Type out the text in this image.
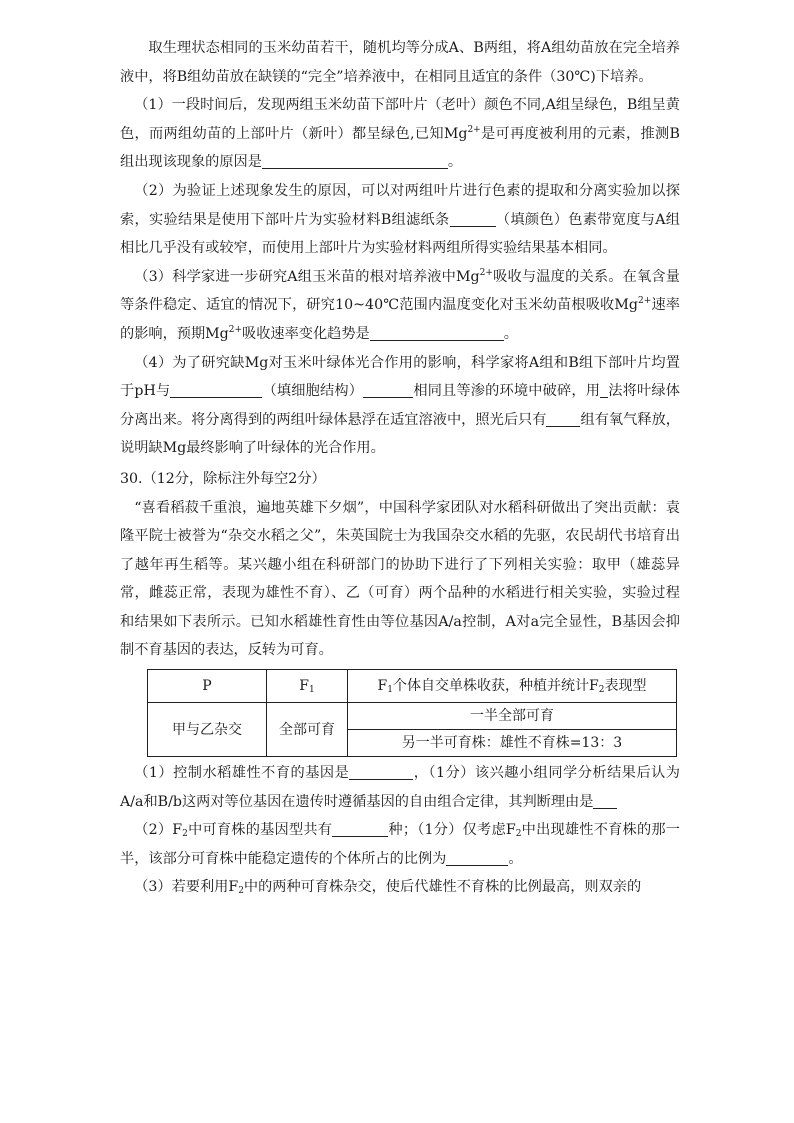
取生理状态相同的玉米幼苗若干，随机均等分成A、B两组，将A组幼苗放在完全培养液中，将B组幼苗放在缺镁的“完全”培养液中，在相同且适宜的条件（30℃)下培养。

（1）一段时间后，发现两组玉米幼苗下部叶片（老叶）颜色不同,A组呈绿色，B组呈黄色，而两组幼苗的上部叶片（新叶）都呈绿色,已知$Mg^{2+}$是可再度被利用的元素，推测B组出现该现象的原因是	。

（2）为验证上述现象发生的原因，可以对两组叶片进行色素的提取和分离实验加以探索，实验结果是使用下部叶片为实验材料B组滤纸条	（填颜色）色素带宽度与A组相比几乎没有或较窄，而使用上部叶片为实验材料两组所得实验结果基本相同。

（3）科学家进一步研究A组玉米苗的根对培养液中$Mg^{2+}$吸收与温度的关系。在氧含量等条件稳定、适宜的情况下，研究10~40℃范围内温度变化对玉米幼苗根吸收$Mg^{2+}$速率的影响，预期$Mg^{2+}$吸收速率变化趋势是	。

（4）为了研究缺Mg对玉米叶绿体光合作用的影响，科学家将A组和B组下部叶片均置于pH与	（填细胞结构）	相同且等渗的环境中破碎，用 法将叶绿体分离出来。将分离得到的两组叶绿体悬浮在适宜溶液中，照光后只有 组有氧气释放，说明缺Mg最终影响了叶绿体的光合作用。

30.（12分，除标注外每空2分）

“喜看稻菽千重浪，遍地英雄下夕烟”，中国科学家团队对水稻科研做出了突出贡献：袁隆平院士被誉为“杂交水稻之父”，朱英国院士为我国杂交水稻的先驱，农民胡代书培育出了越年再生稻等。某兴趣小组在科研部门的协助下进行了下列相关实验：取甲（雄蕊异常，雌蕊正常，表现为雄性不育）、乙（可育）两个品种的水稻进行相关实验，实验过程和结果如下表所示。已知水稻雄性育性由等位基因A/a控制，A对a完全显性，B基因会抑制不育基因的表达，反转为可育。

P	$F_1$	$F_1$个体自交单株收获，种植并统计$F_2$表现型
甲与乙杂交	全部可育	一半全部可育
		另一半可育株：雄性不育株=13：3

（1）控制水稻雄性不育的基因是	，（1分）该兴趣小组同学分析结果后认为A/a和B/b这两对等位基因在遗传时遵循基因的自由组合定律，其判断理由是

$(2)F_2$中可育株的基因型共有	种；（1分）仅考虑$F_2$中出现雄性不育株的那一半，该部分可育株中能稳定遗传的个体所占的比例为	。

（3）若要利用$F_2$中的两种可育株杂交，使后代雄性不育株的比例最高，则双亲的
